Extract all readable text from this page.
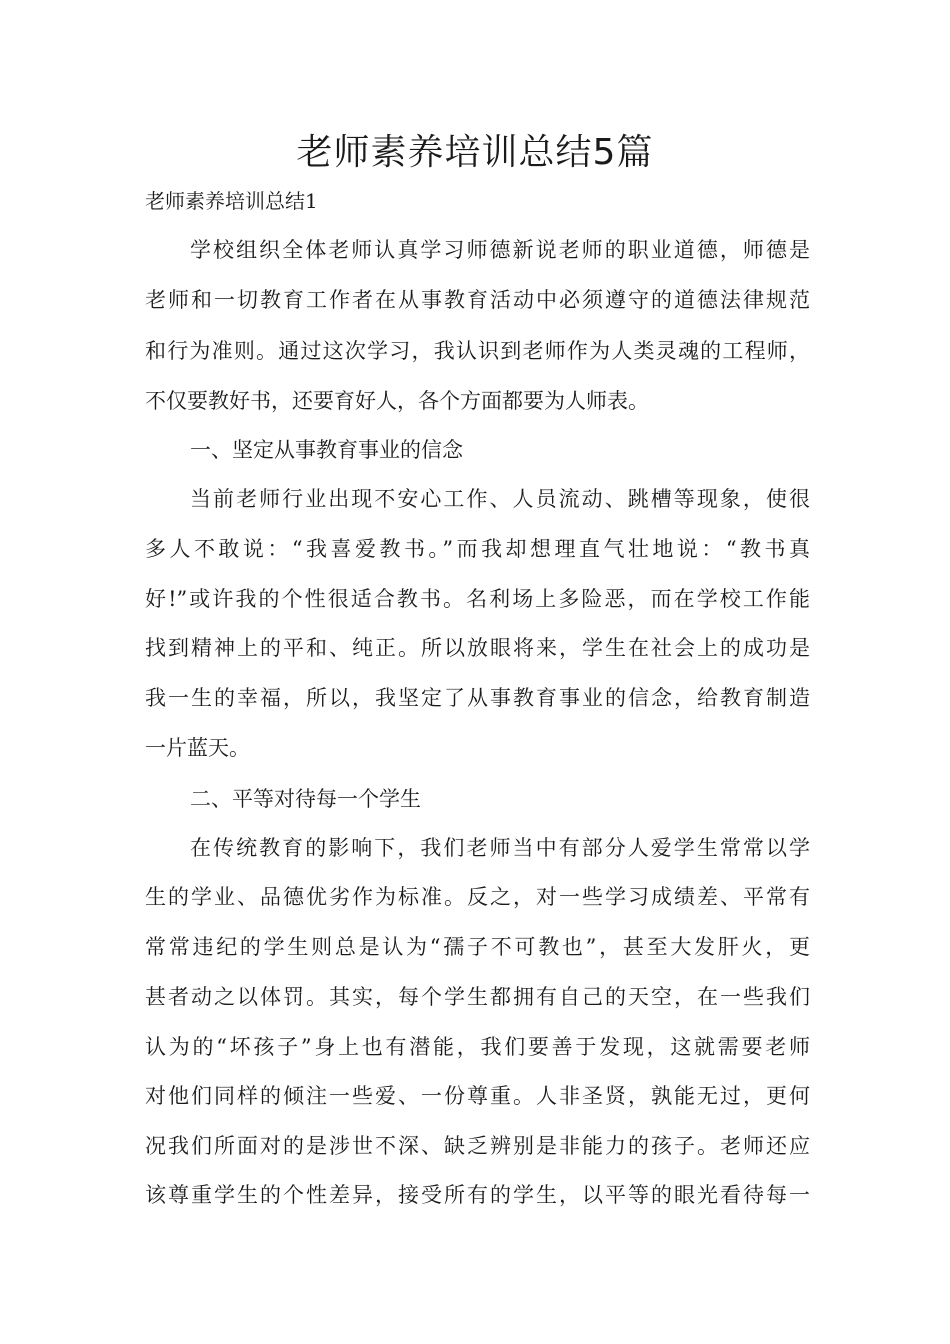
老师素养培训总结5篇

老师素养培训总结1

学校组织全体老师认真学习师德新说老师的职业道德，师德是

老师和一切教育工作者在从事教育活动中必须遵守的道德法律规范

和行为准则。通过这次学习，我认识到老师作为人类灵魂的工程师，

不仅要教好书，还要育好人，各个方面都要为人师表。

一、坚定从事教育事业的信念

当前老师行业出现不安心工作、人员流动、跳槽等现象，使很

多人不敢说：“我喜爱教书。”而我却想理直气壮地说：“教书真

好!”或许我的个性很适合教书。名利场上多险恶，而在学校工作能

找到精神上的平和、纯正。所以放眼将来，学生在社会上的成功是

我一生的幸福，所以，我坚定了从事教育事业的信念，给教育制造

一片蓝天。

二、平等对待每一个学生

在传统教育的影响下，我们老师当中有部分人爱学生常常以学

生的学业、品德优劣作为标准。反之，对一些学习成绩差、平常有

常常违纪的学生则总是认为“孺子不可教也”，甚至大发肝火，更

甚者动之以体罚。其实，每个学生都拥有自己的天空，在一些我们

认为的“坏孩子”身上也有潜能，我们要善于发现，这就需要老师

对他们同样的倾注一些爱、一份尊重。人非圣贤，孰能无过，更何

况我们所面对的是涉世不深、缺乏辨别是非能力的孩子。老师还应

该尊重学生的个性差异，接受所有的学生，以平等的眼光看待每一
